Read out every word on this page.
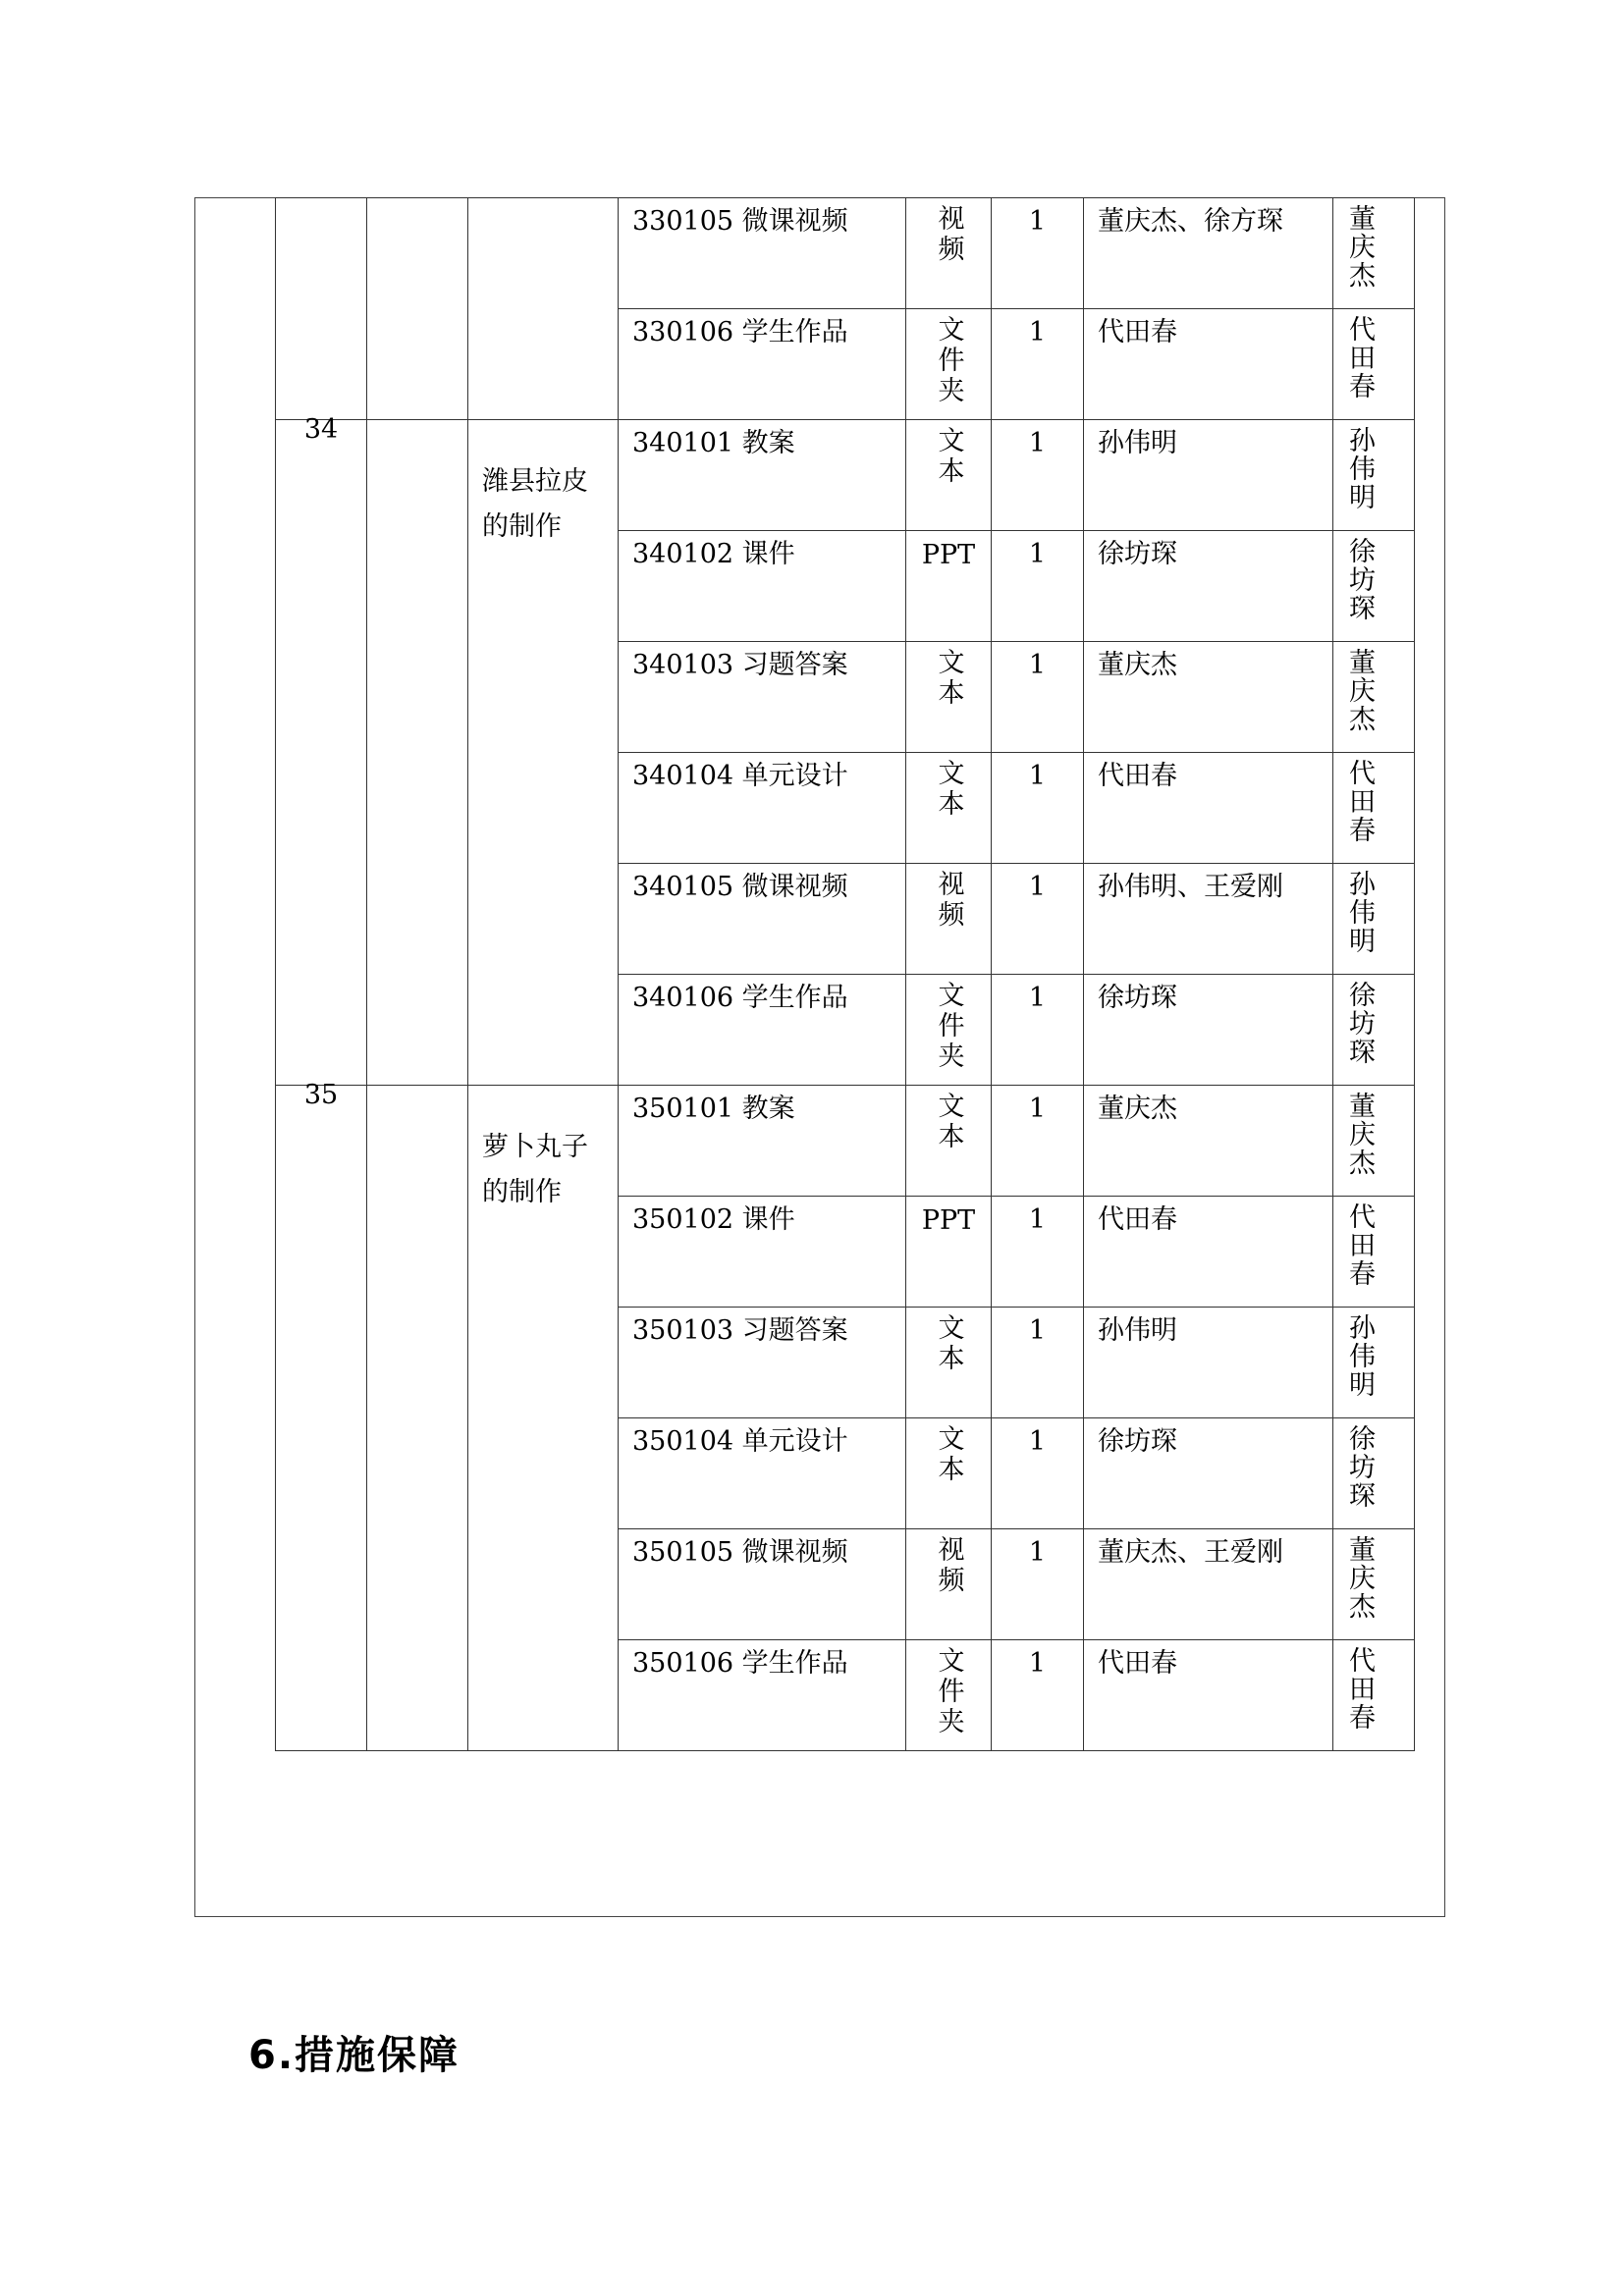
			330105 微课视频	视频	1	董庆杰、徐方琛	董庆杰

			330106 学生作品	文件夹	1	代田春	代田春

34		潍县拉皮的制作	340101 教案	文本	1	孙伟明	孙伟明

			340102 课件	PPT	1	徐坊琛	徐坊琛

			340103 习题答案	文本	1	董庆杰	董庆杰

			340104 单元设计	文本	1	代田春	代田春

			340105 微课视频	视频	1	孙伟明、王爱刚	孙伟明

			340106 学生作品	文件夹	1	徐坊琛	徐坊琛

35		萝卜丸子的制作	350101 教案	文本	1	董庆杰	董庆杰

			350102 课件	PPT	1	代田春	代田春

			350103 习题答案	文本	1	孙伟明	孙伟明

			350104 单元设计	文本	1	徐坊琛	徐坊琛

			350105 微课视频	视频	1	董庆杰、王爱刚	董庆杰

			350106 学生作品	文件夹	1	代田春	代田春
6.措施保障
